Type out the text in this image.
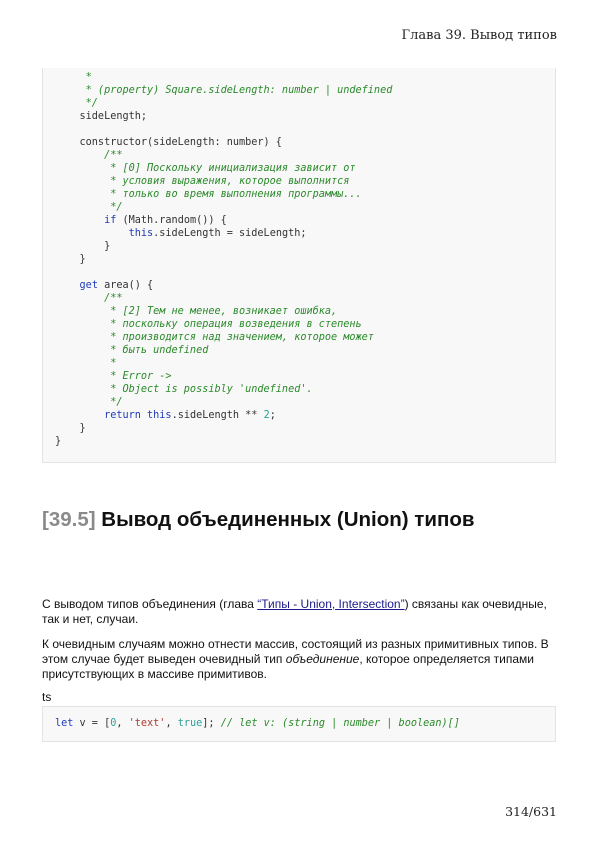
Глава 39. Вывод типов
*
* (property) Square.sideLength: number | undefined
*/
sideLength;
constructor(sideLength: number) {
/**
* [0] Поскольку инициализация зависит от
* условия выражения, которое выполнится
* только во время выполнения программы...
*/
if (Math.random()) {
this.sideLength = sideLength;
}
}
get area() {
/**
* [2] Тем не менее, возникает ошибка,
* поскольку операция возведения в степень
* производится над значением, которое может
* быть undefined
*
* Error ->
* Object is possibly 'undefined'.
*/
return this.sideLength ** 2;
}
}
[39.5] Вывод объединенных (Union) типов
С выводом типов объединения (глава “Типы - Union, Intersection”) связаны как очевидные, так и нет, случаи.
К очевидным случаям можно отнести массив, состоящий из разных примитивных типов. В этом случае будет выведен очевидный тип объединение, которое определяется типами присутствующих в массиве примитивов.
ts
let v = [0, 'text', true]; // let v: (string | number | boolean)[]
314/631
